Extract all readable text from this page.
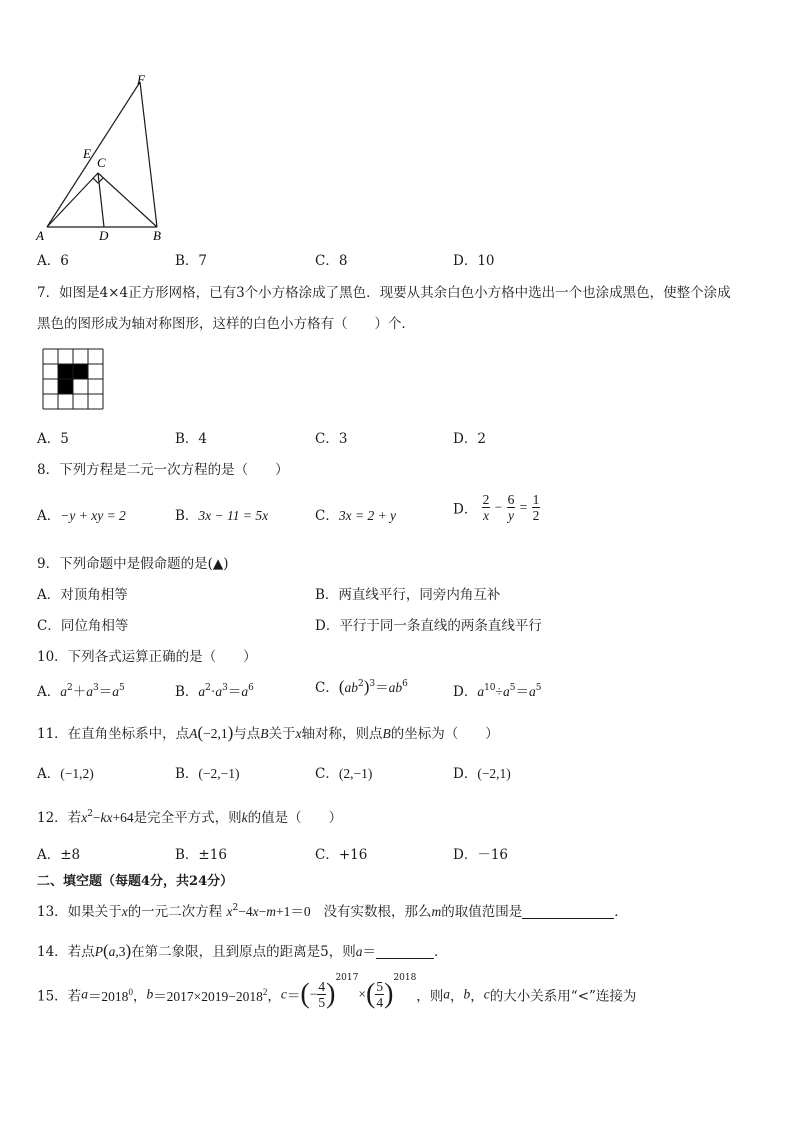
F
E
C
A	D	B
A．6	B．7	C．8	D．10
7．如图是4×4正方形网格，已有3个小方格涂成了黑色．现要从其余白色小方格中选出一个也涂成黑色，使整个涂成
黑色的图形成为轴对称图形，这样的白色小方格有（　　）个．
A．5	B．4	C．3	D．2
8．下列方程是二元一次方程的是（　　）
A．−y + xy = 2	B．3x − 11 = 5x	C．3x = 2 + y	D． $\frac{2}{x} - \frac{6}{y} = \frac{1}{2}$
9．下列命题中是假命题的是(▲)
A．对顶角相等	B．两直线平行，同旁内角互补
C．同位角相等	D．平行于同一条直线的两条直线平行
10．下列各式运算正确的是（　　）
A．$a^2+a^3=a^5$	B．$a^2\cdot a^3=a^6$	C．$(ab^2)^3=ab^6$	D．$a^{10}\div a^5=a^5$
11．在直角坐标系中，点A(−2,1)与点B关于x轴对称，则点B的坐标为（　　）
A．(−1,2)	B．(−2,−1)	C．(2,−1)	D．(−2,1)
12．若$x^2-kx+64$是完全平方式，则k的值是（　　）
A．±8	B．±16	C．+16	D．－16
二、填空题（每题4分，共24分）
13．如果关于x的一元二次方程 $x^2-4x-m+1=0$ 没有实数根，那么m的取值范围是	．
14．若点P(a,3)在第二象限，且到原点的距离是5，则a＝	．
15．若$a=2018^0$，$b=2017\times 2019-2018^2$，$c=(- \frac{4}{5} )^{2017}\times( \frac{5}{4} )^{2018}$，则a，b，c的大小关系用“<”连接为
